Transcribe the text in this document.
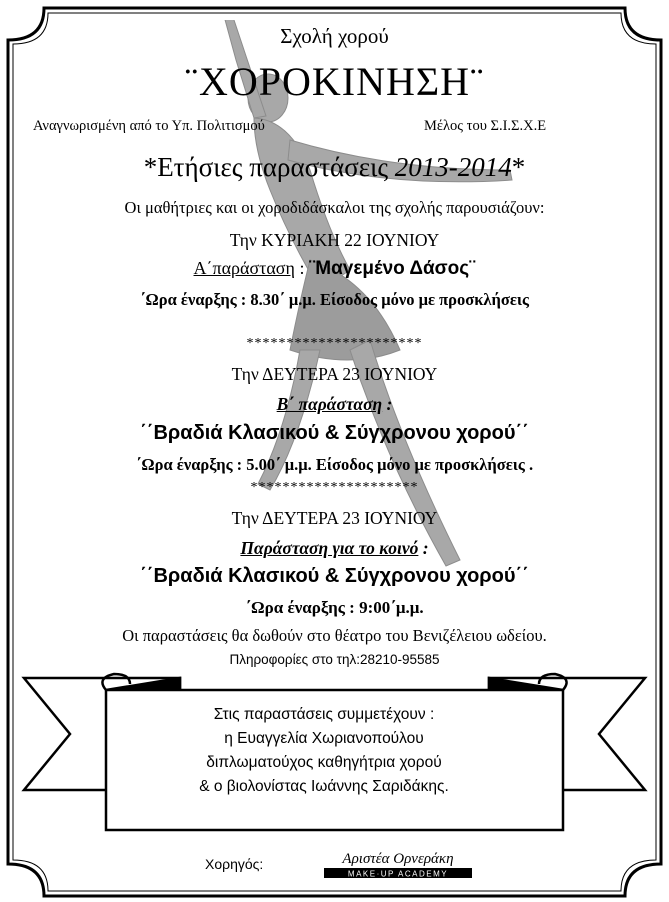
Σχολή χορού
¨ΧΟΡΟΚΙΝΗΣΗ¨
Αναγνωρισμένη από το Υπ. Πολιτισμού	Μέλος του Σ.Ι.Σ.Χ.Ε
*Ετήσιες παραστάσεις 2013-2014*
Οι μαθήτριες και οι χοροδιδάσκαλοι της σχολής παρουσιάζουν:
Την ΚΥΡΙΑΚΗ 22 ΙΟΥΝΙΟΥ
Α΄παράσταση : ¨Μαγεμένο Δάσος¨
΄Ωρα έναρξης : 8.30΄ μ.μ. Είσοδος μόνο με προσκλήσεις
**********************
Την ΔΕΥΤΕΡΑ 23 ΙΟΥΝΙΟΥ
Β΄ παράσταση :
΄΄Βραδιά Κλασικού & Σύγχρονου χορού΄΄
΄Ωρα έναρξης : 5.00΄ μ.μ. Είσοδος μόνο με προσκλήσεις .
*********************
Την ΔΕΥΤΕΡΑ 23 ΙΟΥΝΙΟΥ
Παράσταση για το κοινό :
΄΄Βραδιά Κλασικού & Σύγχρονου χορού΄΄
΄Ωρα έναρξης : 9:00΄μ.μ.
Οι παραστάσεις θα δωθούν στο θέατρο του Βενιζέλειου ωδείου.
Πληροφορίες στο τηλ:28210-95585
Στις παραστάσεις συμμετέχουν :
η Ευαγγελία Χωριανοπούλου
διπλωματούχος καθηγήτρια χορού
& ο βιολονίστας Ιωάννης Σαριδάκης.
Χορηγός:	Αριστέα Ορνεράκη
MAKE·UP ACADEMY
